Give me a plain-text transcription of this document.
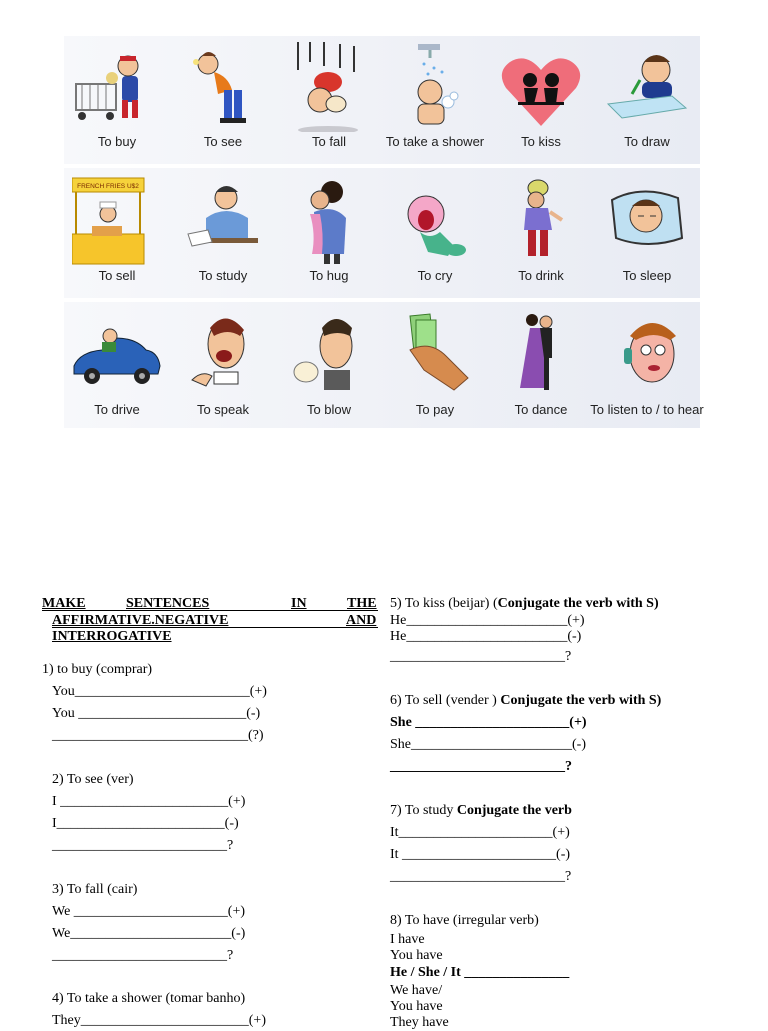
To buy	To see	To fall	To take a shower	To kiss	To draw
FRENCH FRIES U$2
To sell	To study	To hug	To cry	To drink	To sleep
To drive	To speak	To blow	To pay	To dance	To listen to / to hear
MAKE	SENTENCES	IN	THE
AFFIRMATIVE.NEGATIVE	AND
INTERROGATIVE
1) to buy (comprar)
You_________________________(+)
You ________________________(-)
____________________________(?)
2) To see (ver)
I ________________________(+)
I________________________(-)
_________________________?
3) To fall (cair)
We ______________________(+)
We_______________________(-)
_________________________?
4) To take a shower (tomar banho)
They________________________(+)
5) To kiss (beijar) (Conjugate the verb with S)
He_______________________(+)
He_______________________(-)
_________________________?
6) To sell (vender ) Conjugate the verb with S)
She ______________________(+)
She_______________________(-)
_________________________?
7) To study Conjugate the verb
It______________________(+)
It ______________________(-)
_________________________?
8) To have (irregular verb)
I have
You have
He / She / It _______________
We have/
You have
They have
